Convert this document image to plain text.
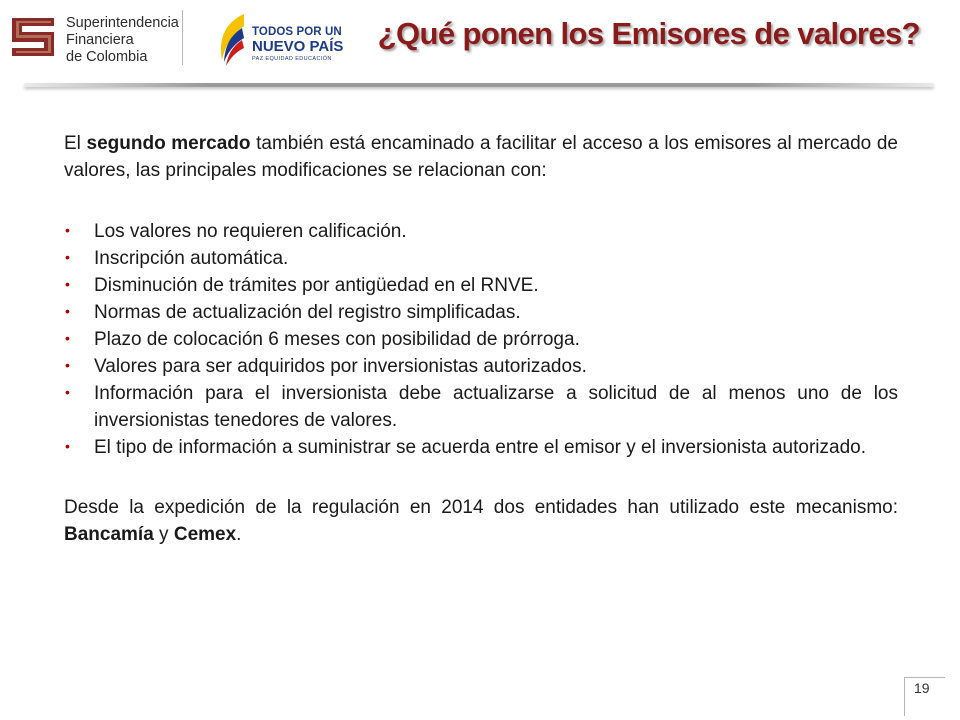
Superintendencia
Financiera
de Colombia
TODOS POR UN
NUEVO PAÍS
PAZ EQUIDAD EDUCACIÓN
¿Qué ponen los Emisores de valores?

El segundo mercado también está encaminado a facilitar el acceso a los emisores al mercado de valores, las principales modificaciones se relacionan con:

• Los valores no requieren calificación.
• Inscripción automática.
• Disminución de trámites por antigüedad en el RNVE.
• Normas de actualización del registro simplificadas.
• Plazo de colocación 6 meses con posibilidad de prórroga.
• Valores para ser adquiridos por inversionistas autorizados.
• Información para el inversionista debe actualizarse a solicitud de al menos uno de los inversionistas tenedores de valores.
• El tipo de información a suministrar se acuerda entre el emisor y el inversionista autorizado.

Desde la expedición de la regulación en 2014 dos entidades han utilizado este mecanismo: Bancamía y Cemex.

19
